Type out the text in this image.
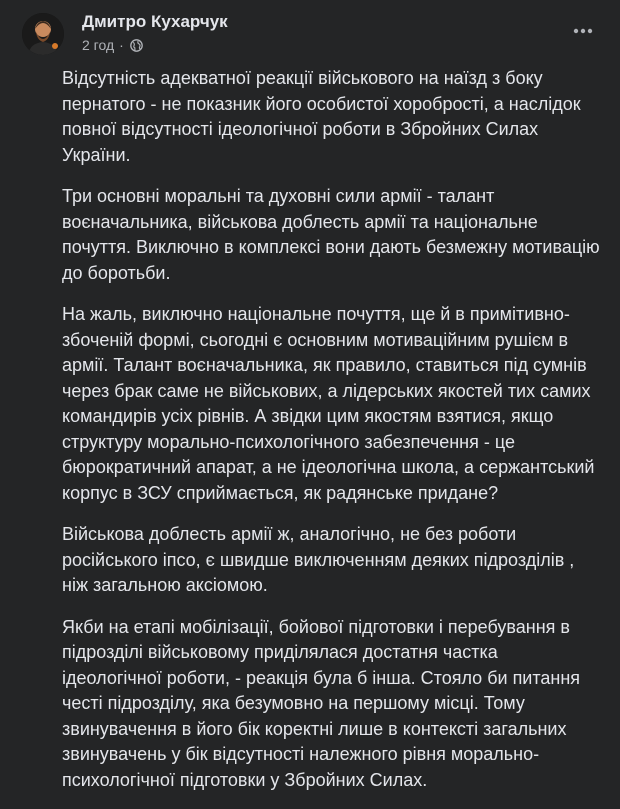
Дмитро Кухарчук
2 год ·

Відсутність адекватної реакції військового на наїзд з боку пернатого - не показник його особистої хоробрості, а наслідок повної відсутності ідеологічної роботи в Збройних Силах України.

Три основні моральні та духовні сили армії - талант воєначальника, військова доблесть армії та національне почуття. Виключно в комплексі вони дають безмежну мотивацію до боротьби.

На жаль, виключно національне почуття, ще й в примітивно-збоченій формі, сьогодні є основним мотиваційним рушієм в армії. Талант воєначальника, як правило, ставиться під сумнів через брак саме не військових, а лідерських якостей тих самих командирів усіх рівнів. А звідки цим якостям взятися, якщо структуру морально-психологічного забезпечення - це бюрократичний апарат, а не ідеологічна школа, а сержантський корпус в ЗСУ сприймається, як радянське придане?

Військова доблесть армії ж, аналогічно, не без роботи російського іпсо, є швидше виключенням деяких підрозділів , ніж загальною аксіомою.

Якби на етапі мобілізації, бойової підготовки і перебування в підрозділі військовому приділялася достатня частка ідеологічної роботи, - реакція була б інша. Стояло би питання честі підрозділу, яка безумовно на першому місці. Тому звинувачення в його бік коректні лише в контексті загальних звинувачень у бік відсутності належного рівня морально-психологічної підготовки у Збройних Силах.
